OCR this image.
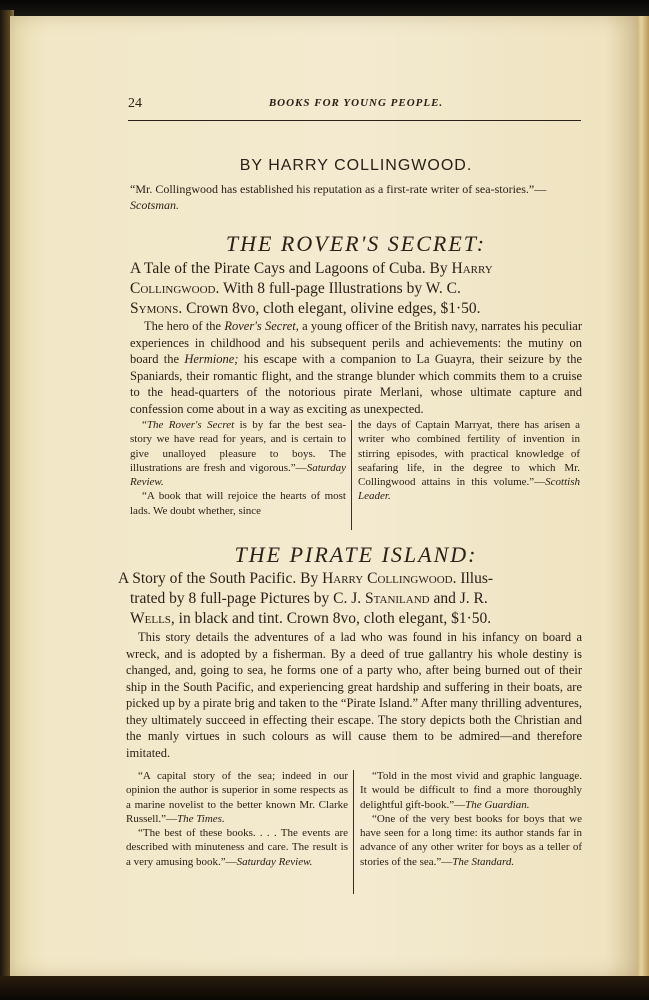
24	BOOKS FOR YOUNG PEOPLE.
BY HARRY COLLINGWOOD.
“Mr. Collingwood has established his reputation as a first-rate writer of sea-stories.”—Scotsman.
THE ROVER'S SECRET:
A Tale of the Pirate Cays and Lagoons of Cuba. By Harry
Collingwood. With 8 full-page Illustrations by W. C.
Symons. Crown 8vo, cloth elegant, olivine edges, $1·50.
The hero of the Rover's Secret, a young officer of the British navy, narrates his peculiar experiences in childhood and his subsequent perils and achievements: the mutiny on board the Hermione; his escape with a companion to La Guayra, their seizure by the Spaniards, their romantic flight, and the strange blunder which commits them to a cruise to the head-quarters of the notorious pirate Merlani, whose ultimate capture and confession come about in a way as exciting as unexpected.
“The Rover's Secret is by far the best sea-story we have read for years, and is certain to give unalloyed pleasure to boys. The illustrations are fresh and vigorous.”—Saturday Review.
“A book that will rejoice the hearts of most lads. We doubt whether, since
the days of Captain Marryat, there has arisen a writer who combined fertility of invention in stirring episodes, with practical knowledge of seafaring life, in the degree to which Mr. Collingwood attains in this volume.”—Scottish Leader.
THE PIRATE ISLAND:
A Story of the South Pacific. By Harry Collingwood. Illus-
trated by 8 full-page Pictures by C. J. Staniland and J. R.
Wells, in black and tint. Crown 8vo, cloth elegant, $1·50.
This story details the adventures of a lad who was found in his infancy on board a wreck, and is adopted by a fisherman. By a deed of true gallantry his whole destiny is changed, and, going to sea, he forms one of a party who, after being burned out of their ship in the South Pacific, and experiencing great hardship and suffering in their boats, are picked up by a pirate brig and taken to the “Pirate Island.” After many thrilling adventures, they ultimately succeed in effecting their escape. The story depicts both the Christian and the manly virtues in such colours as will cause them to be admired—and therefore imitated.
“A capital story of the sea; indeed in our opinion the author is superior in some respects as a marine novelist to the better known Mr. Clarke Russell.”—The Times.
“The best of these books. . . . The events are described with minuteness and care. The result is a very amusing book.”—Saturday Review.
“Told in the most vivid and graphic language. It would be difficult to find a more thoroughly delightful gift-book.”—The Guardian.
“One of the very best books for boys that we have seen for a long time: its author stands far in advance of any other writer for boys as a teller of stories of the sea.”—The Standard.
